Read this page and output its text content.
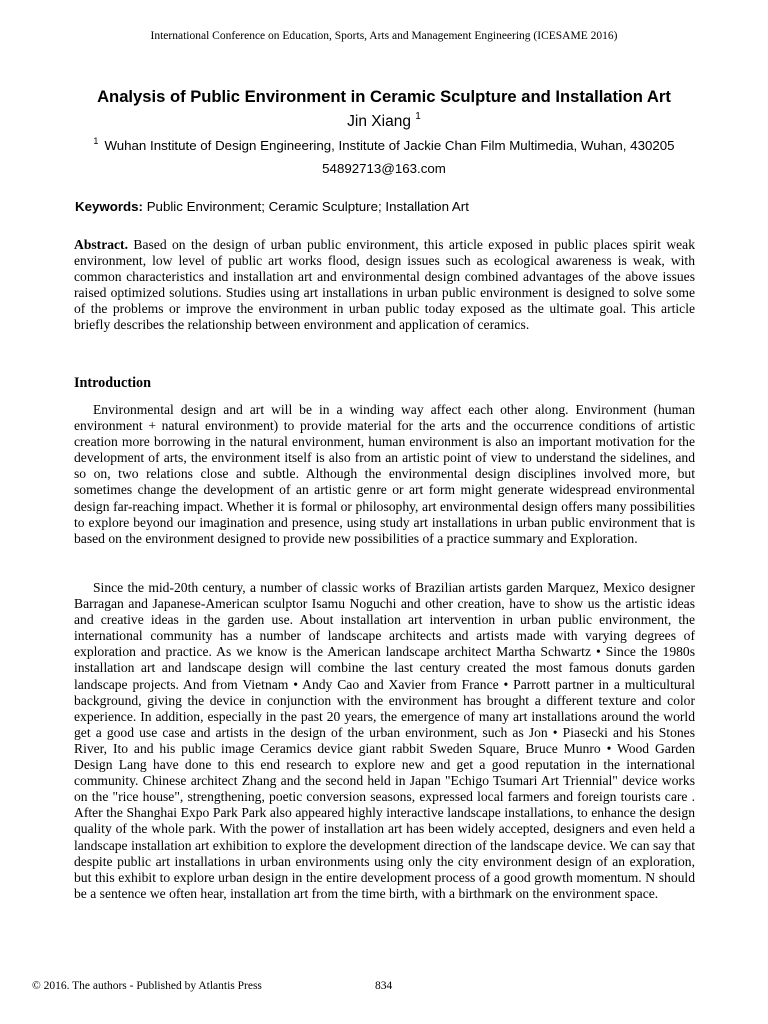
International Conference on Education, Sports, Arts and Management Engineering (ICESAME 2016)
Analysis of Public Environment in Ceramic Sculpture and Installation Art
Jin Xiang $^1$
$^1$ Wuhan Institute of Design Engineering, Institute of Jackie Chan Film Multimedia, Wuhan, 430205
54892713@163.com
Keywords: Public Environment; Ceramic Sculpture; Installation Art

Abstract. Based on the design of urban public environment, this article exposed in public places spirit weak environment, low level of public art works flood, design issues such as ecological awareness is weak, with common characteristics and installation art and environmental design combined advantages of the above issues raised optimized solutions. Studies using art installations in urban public environment is designed to solve some of the problems or improve the environment in urban public today exposed as the ultimate goal. This article briefly describes the relationship between environment and application of ceramics.

Introduction

Environmental design and art will be in a winding way affect each other along. Environment (human environment + natural environment) to provide material for the arts and the occurrence conditions of artistic creation more borrowing in the natural environment, human environment is also an important motivation for the development of arts, the environment itself is also from an artistic point of view to understand the sidelines, and so on, two relations close and subtle. Although the environmental design disciplines involved more, but sometimes change the development of an artistic genre or art form might generate widespread environmental design far-reaching impact. Whether it is formal or philosophy, art environmental design offers many possibilities to explore beyond our imagination and presence, using study art installations in urban public environment that is based on the environment designed to provide new possibilities of a practice summary and Exploration.

Since the mid-20th century, a number of classic works of Brazilian artists garden Marquez, Mexico designer Barragan and Japanese-American sculptor Isamu Noguchi and other creation, have to show us the artistic ideas and creative ideas in the garden use. About installation art intervention in urban public environment, the international community has a number of landscape architects and artists made with varying degrees of exploration and practice. As we know is the American landscape architect Martha Schwartz • Since the 1980s installation art and landscape design will combine the last century created the most famous donuts garden landscape projects. And from Vietnam • Andy Cao and Xavier from France • Parrott partner in a multicultural background, giving the device in conjunction with the environment has brought a different texture and color experience. In addition, especially in the past 20 years, the emergence of many art installations around the world get a good use case and artists in the design of the urban environment, such as Jon • Piasecki and his Stones River, Ito and his public image Ceramics device giant rabbit Sweden Square, Bruce Munro • Wood Garden Design Lang have done to this end research to explore new and get a good reputation in the international community. Chinese architect Zhang and the second held in Japan "Echigo Tsumari Art Triennial" device works on the "rice house", strengthening, poetic conversion seasons, expressed local farmers and foreign tourists care . After the Shanghai Expo Park Park also appeared highly interactive landscape installations, to enhance the design quality of the whole park. With the power of installation art has been widely accepted, designers and even held a landscape installation art exhibition to explore the development direction of the landscape device. We can say that despite public art installations in urban environments using only the city environment design of an exploration, but this exhibit to explore urban design in the entire development process of a good growth momentum. N should be a sentence we often hear, installation art from the time birth, with a birthmark on the environment space.

© 2016. The authors - Published by Atlantis Press	834
